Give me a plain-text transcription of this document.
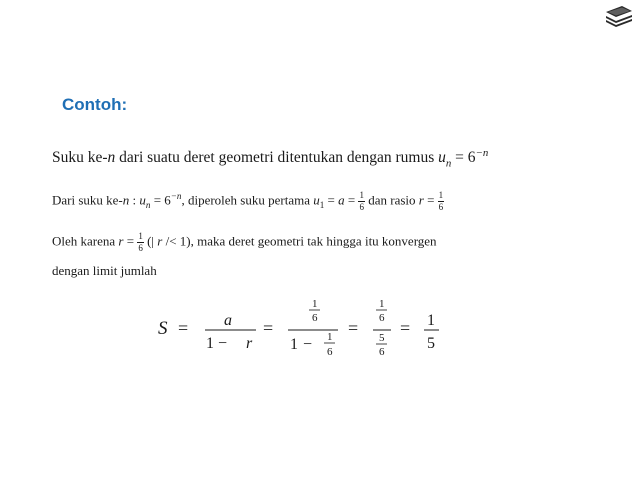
Contoh:
Suku ke-n dari suatu deret geometri ditentukan dengan rumus $u_n = 6^{-n}$
Dari suku ke-n : $u_n = 6^{-n}$, diperoleh suku pertama $u_1 = a = \frac{1}{6}$ dan rasio $r = \frac{1}{6}$
Oleh karena $r = \frac{1}{6}$ (| r /< 1), maka deret geometri tak hingga itu konvergen
dengan limit jumlah
S = a
1 − r
=
1
6
1 − 1
6
=
1
6
5
6
= 1
5
